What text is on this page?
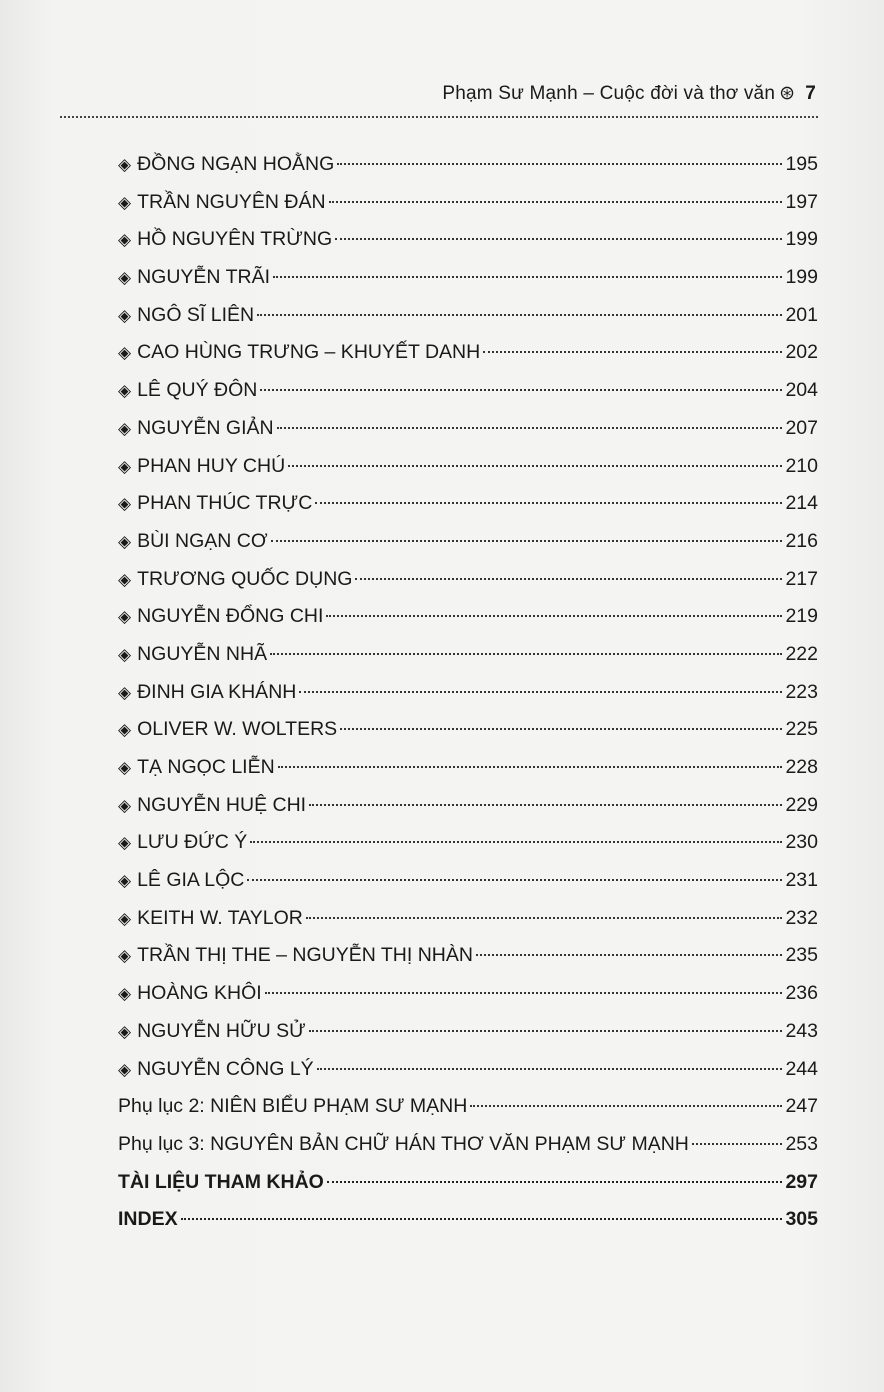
Phạm Sư Mạnh – Cuộc đời và thơ văn ⊛ 7
◈ ĐỒNG NGẠN HOẰNG	195
◈ TRẦN NGUYÊN ĐÁN	197
◈ HỒ NGUYÊN TRỪNG	199
◈ NGUYỄN TRÃI	199
◈ NGÔ SĨ LIÊN	201
◈ CAO HÙNG TRƯNG – KHUYẾT DANH	202
◈ LÊ QUÝ ĐÔN	204
◈ NGUYỄN GIẢN	207
◈ PHAN HUY CHÚ	210
◈ PHAN THÚC TRỰC	214
◈ BÙI NGẠN CƠ	216
◈ TRƯƠNG QUỐC DỤNG	217
◈ NGUYỄN ĐỔNG CHI	219
◈ NGUYỄN NHÃ	222
◈ ĐINH GIA KHÁNH	223
◈ OLIVER W. WOLTERS	225
◈ TẠ NGỌC LIỄN	228
◈ NGUYỄN HUỆ CHI	229
◈ LƯU ĐỨC Ý	230
◈ LÊ GIA LỘC	231
◈ KEITH W. TAYLOR	232
◈ TRẦN THỊ THE – NGUYỄN THỊ NHÀN	235
◈ HOÀNG KHÔI	236
◈ NGUYỄN HỮU SỬ	243
◈ NGUYỄN CÔNG LÝ	244
Phụ lục 2: NIÊN BIỂU PHẠM SƯ MẠNH	247
Phụ lục 3: NGUYÊN BẢN CHỮ HÁN THƠ VĂN PHẠM SƯ MẠNH	253
TÀI LIỆU THAM KHẢO	297
INDEX	305
